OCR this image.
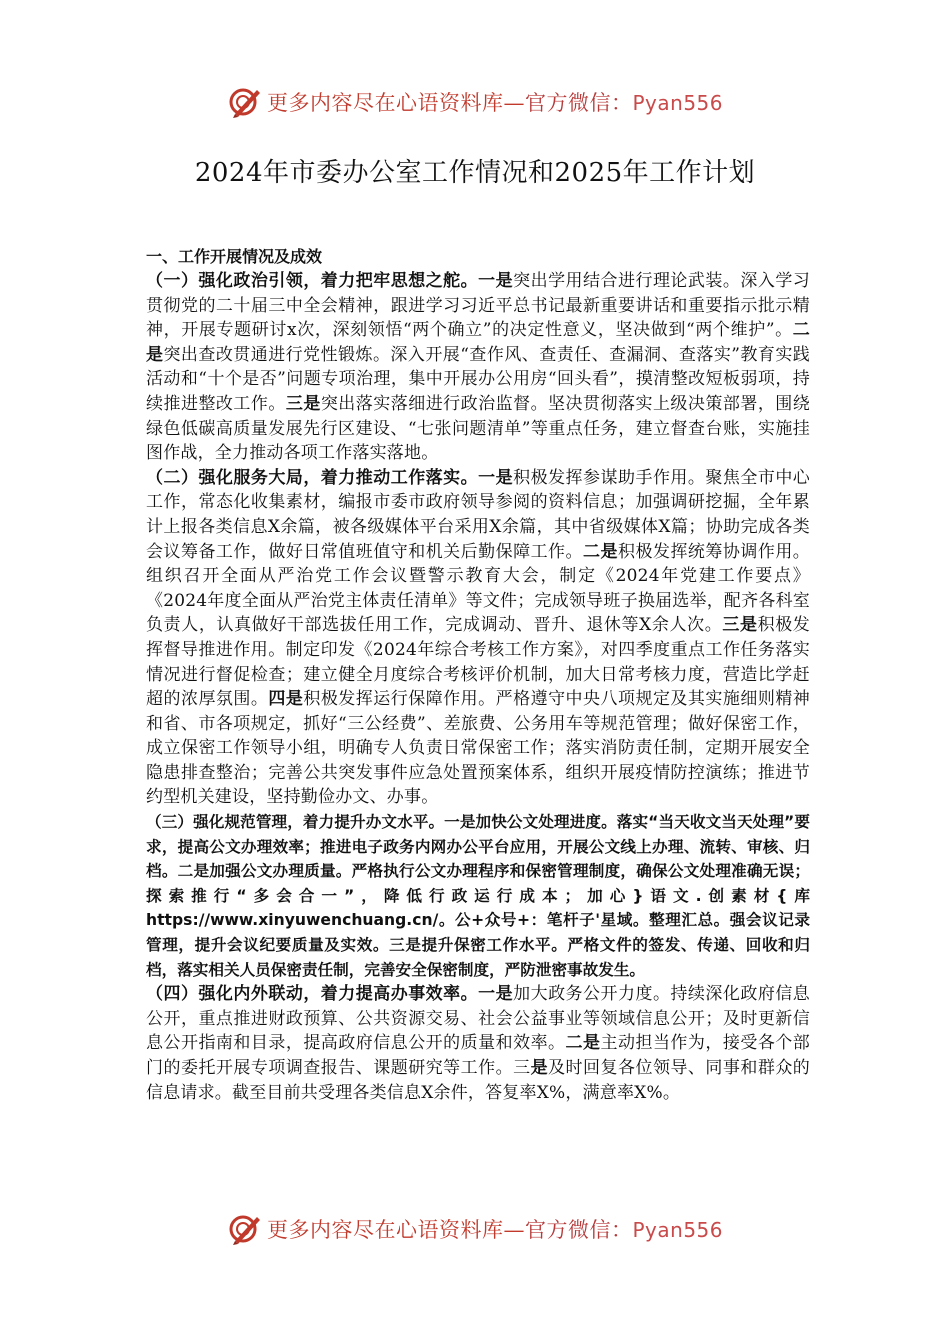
更多内容尽在心语资料库—官方微信：Pyan556
2024年市委办公室工作情况和2025年工作计划

一、工作开展情况及成效

（一）强化政治引领，着力把牢思想之舵。一是突出学用结合进行理论武装。深入学习贯彻党的二十届三中全会精神，跟进学习习近平总书记最新重要讲话和重要指示批示精神，开展专题研讨x次，深刻领悟“两个确立”的决定性意义，坚决做到“两个维护”。二是突出查改贯通进行党性锻炼。深入开展“查作风、查责任、查漏洞、查落实”教育实践活动和“十个是否”问题专项治理，集中开展办公用房“回头看”，摸清整改短板弱项，持续推进整改工作。三是突出落实落细进行政治监督。坚决贯彻落实上级决策部署，围绕绿色低碳高质量发展先行区建设、“七张问题清单”等重点任务，建立督查台账，实施挂图作战，全力推动各项工作落实落地。

（二）强化服务大局，着力推动工作落实。一是积极发挥参谋助手作用。聚焦全市中心工作，常态化收集素材，编报市委市政府领导参阅的资料信息；加强调研挖掘，全年累计上报各类信息X余篇，被各级媒体平台采用X余篇，其中省级媒体X篇；协助完成各类会议筹备工作，做好日常值班值守和机关后勤保障工作。二是积极发挥统筹协调作用。组织召开全面从严治党工作会议暨警示教育大会，制定《2024年党建工作要点》《2024年度全面从严治党主体责任清单》等文件；完成领导班子换届选举，配齐各科室负责人，认真做好干部选拔任用工作，完成调动、晋升、退休等X余人次。三是积极发挥督导推进作用。制定印发《2024年综合考核工作方案》，对四季度重点工作任务落实情况进行督促检查；建立健全月度综合考核评价机制，加大日常考核力度，营造比学赶超的浓厚氛围。四是积极发挥运行保障作用。严格遵守中央八项规定及其实施细则精神和省、市各项规定，抓好“三公经费”、差旅费、公务用车等规范管理；做好保密工作，成立保密工作领导小组，明确专人负责日常保密工作；落实消防责任制，定期开展安全隐患排查整治；完善公共突发事件应急处置预案体系，组织开展疫情防控演练；推进节约型机关建设，坚持勤俭办文、办事。

（三）强化规范管理，着力提升办文水平。一是加快公文处理进度。落实“当天收文当天处理”要求，提高公文办理效率；推进电子政务内网办公平台应用，开展公文线上办理、流转、审核、归档。二是加强公文办理质量。严格执行公文办理程序和保密管理制度，确保公文处理准确无误；探索推行“多会合一”，降低行政运行成本；加心}语文.创素材{库https://www.xinyuwenchuang.cn/。公+众号+：笔杆子'星域。整理汇总。强会议记录管理，提升会议纪要质量及实效。三是提升保密工作水平。严格文件的签发、传递、回收和归档，落实相关人员保密责任制，完善安全保密制度，严防泄密事故发生。

（四）强化内外联动，着力提高办事效率。一是加大政务公开力度。持续深化政府信息公开，重点推进财政预算、公共资源交易、社会公益事业等领域信息公开；及时更新信息公开指南和目录，提高政府信息公开的质量和效率。二是主动担当作为，接受各个部门的委托开展专项调查报告、课题研究等工作。三是及时回复各位领导、同事和群众的信息请求。截至目前共受理各类信息X余件，答复率X%，满意率X%。

更多内容尽在心语资料库—官方微信：Pyan556
